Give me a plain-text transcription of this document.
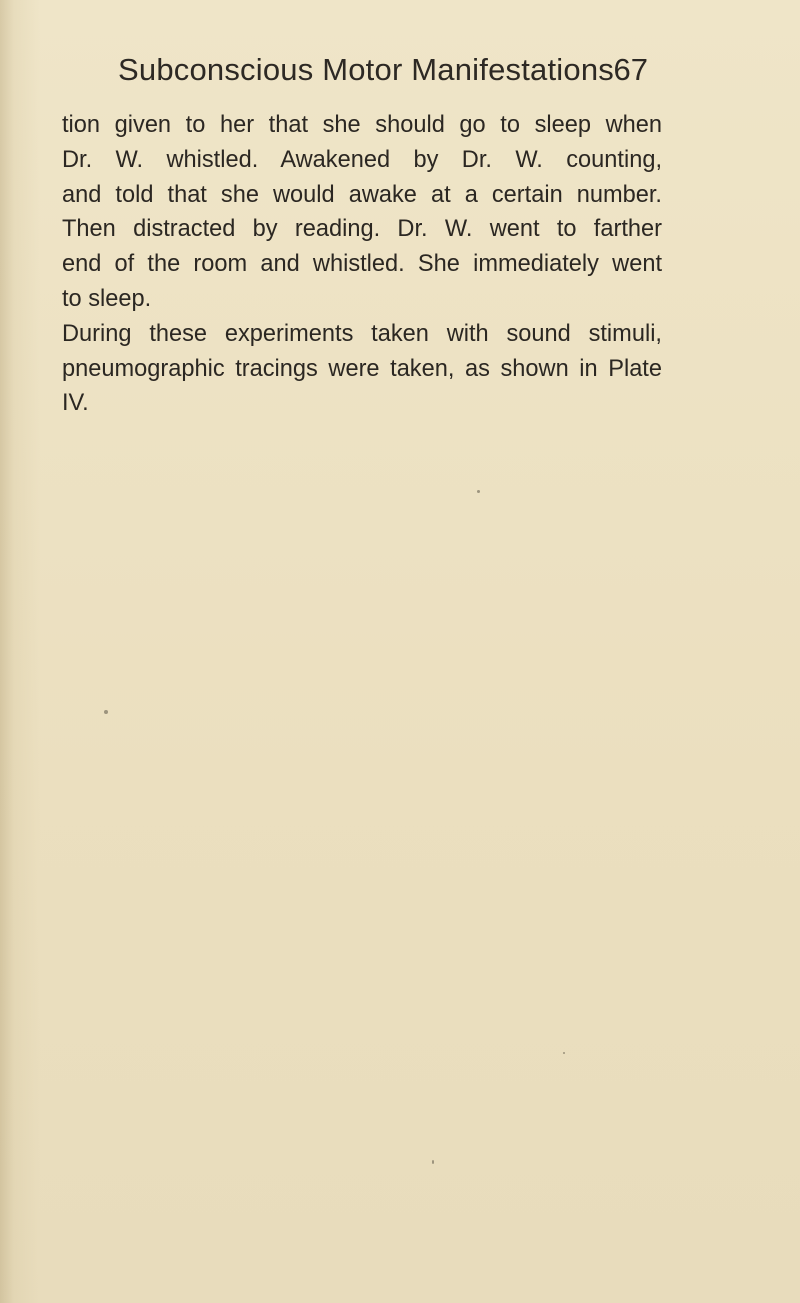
Subconscious Motor Manifestations 67
tion given to her that she should go to sleep when
Dr. W. whistled. Awakened by Dr. W. counting,
and told that she would awake at a certain number.
Then distracted by reading. Dr. W. went to farther
end of the room and whistled. She immediately went
to sleep.
During these experiments taken with sound stimuli,
pneumographic tracings were taken, as shown in Plate
IV.
